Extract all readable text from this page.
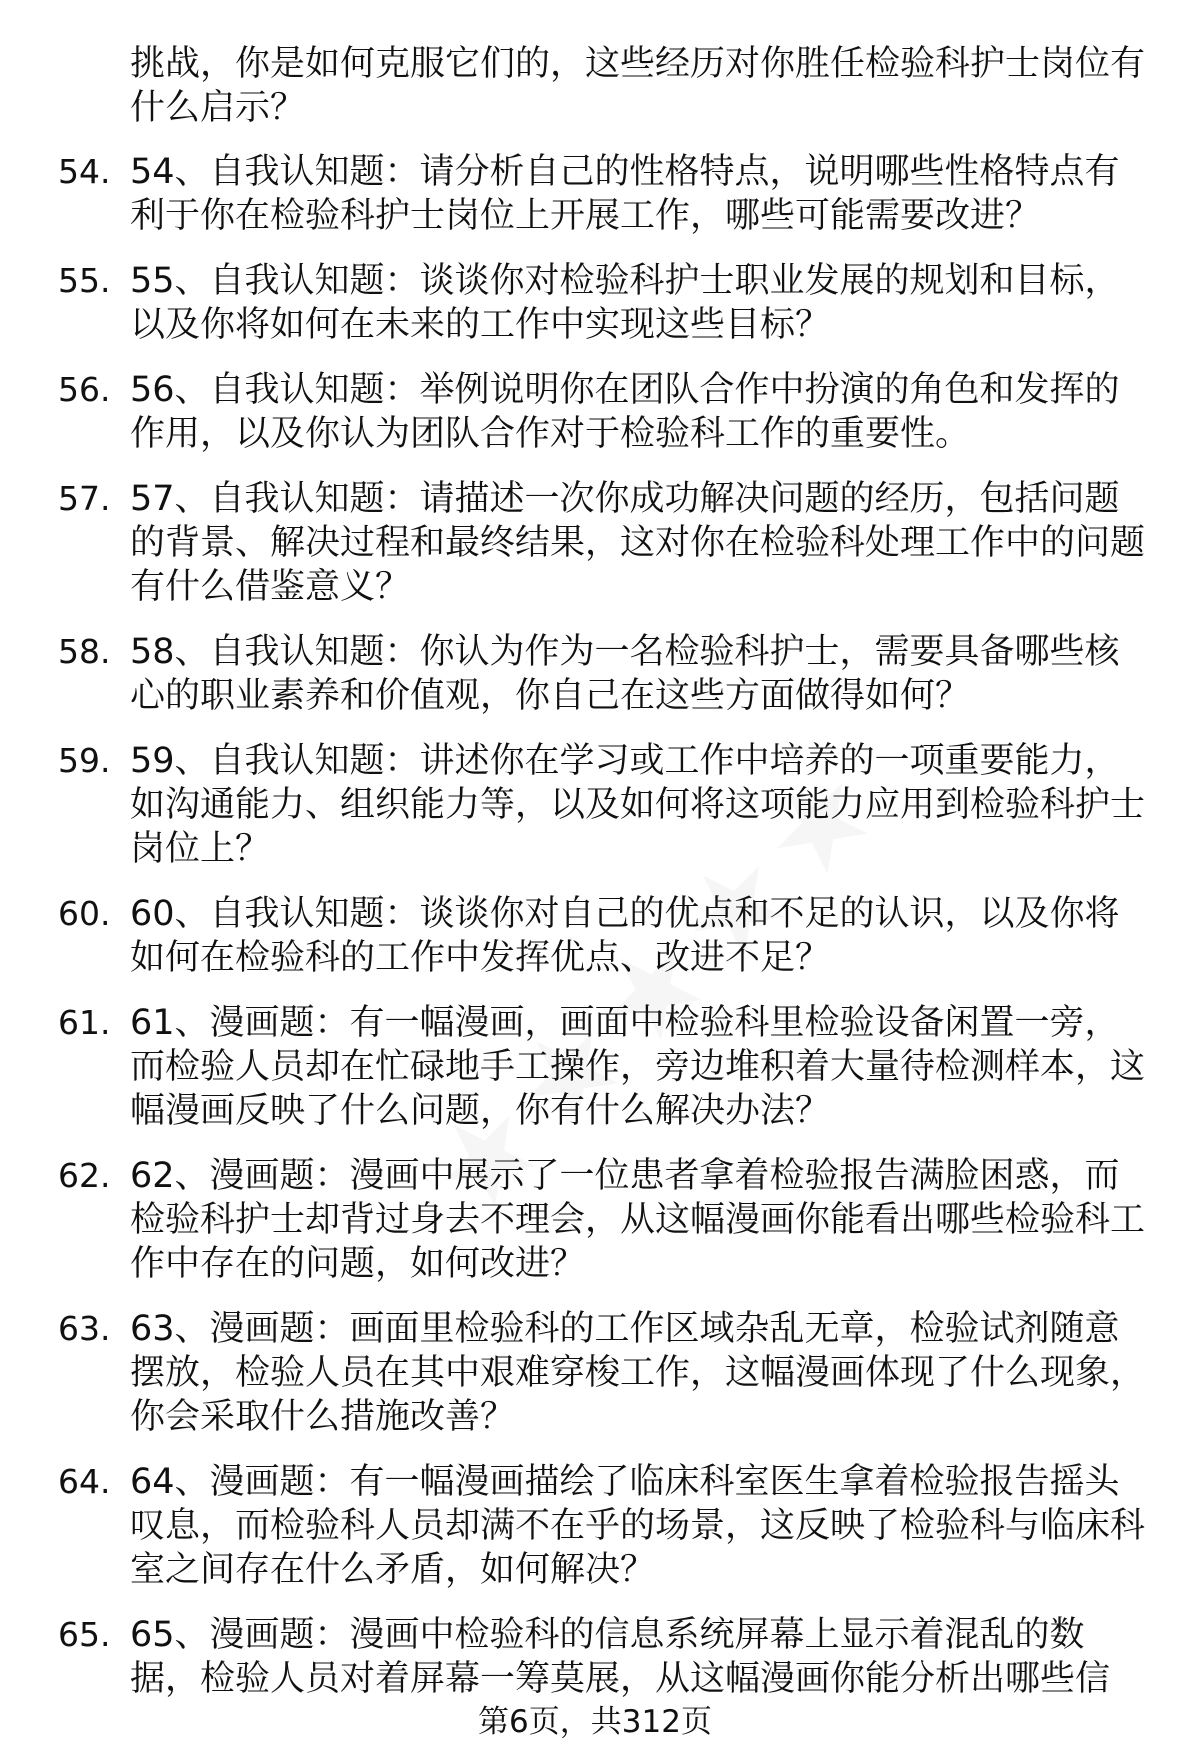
挑战，你是如何克服它们的，这些经历对你胜任检验科护士岗位有什么启示？
54. 54、自我认知题：请分析自己的性格特点，说明哪些性格特点有利于你在检验科护士岗位上开展工作，哪些可能需要改进？
55. 55、自我认知题：谈谈你对检验科护士职业发展的规划和目标，以及你将如何在未来的工作中实现这些目标？
56. 56、自我认知题：举例说明你在团队合作中扮演的角色和发挥的作用，以及你认为团队合作对于检验科工作的重要性。
57. 57、自我认知题：请描述一次你成功解决问题的经历，包括问题的背景、解决过程和最终结果，这对你在检验科处理工作中的问题有什么借鉴意义？
58. 58、自我认知题：你认为作为一名检验科护士，需要具备哪些核心的职业素养和价值观，你自己在这些方面做得如何？
59. 59、自我认知题：讲述你在学习或工作中培养的一项重要能力，如沟通能力、组织能力等，以及如何将这项能力应用到检验科护士岗位上？
60. 60、自我认知题：谈谈你对自己的优点和不足的认识，以及你将如何在检验科的工作中发挥优点、改进不足？
61. 61、漫画题：有一幅漫画，画面中检验科里检验设备闲置一旁，而检验人员却在忙碌地手工操作，旁边堆积着大量待检测样本，这幅漫画反映了什么问题，你有什么解决办法？
62. 62、漫画题：漫画中展示了一位患者拿着检验报告满脸困惑，而检验科护士却背过身去不理会，从这幅漫画你能看出哪些检验科工作中存在的问题，如何改进？
63. 63、漫画题：画面里检验科的工作区域杂乱无章，检验试剂随意摆放，检验人员在其中艰难穿梭工作，这幅漫画体现了什么现象，你会采取什么措施改善？
64. 64、漫画题：有一幅漫画描绘了临床科室医生拿着检验报告摇头叹息，而检验科人员却满不在乎的场景，这反映了检验科与临床科室之间存在什么矛盾，如何解决？
65. 65、漫画题：漫画中检验科的信息系统屏幕上显示着混乱的数据，检验人员对着屏幕一筹莫展，从这幅漫画你能分析出哪些信
第6页，共312页
